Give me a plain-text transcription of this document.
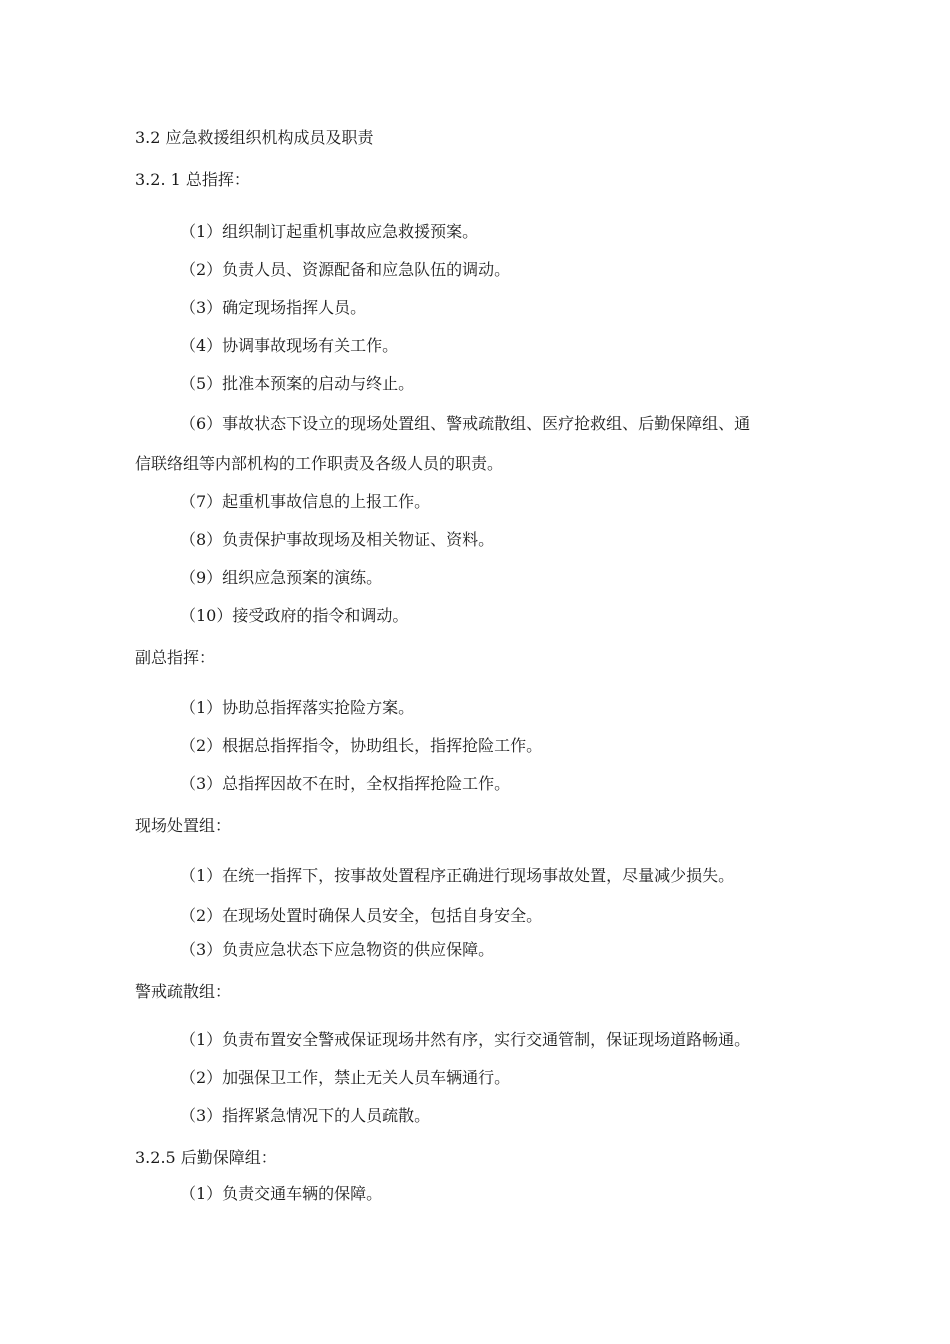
3.2 应急救援组织机构成员及职责
3.2. 1 总指挥：
（1）组织制订起重机事故应急救援预案。
（2）负责人员、资源配备和应急队伍的调动。
（3）确定现场指挥人员。
（4）协调事故现场有关工作。
（5）批准本预案的启动与终止。
（6）事故状态下设立的现场处置组、警戒疏散组、医疗抢救组、后勤保障组、通
信联络组等内部机构的工作职责及各级人员的职责。
（7）起重机事故信息的上报工作。
（8）负责保护事故现场及相关物证、资料。
（9）组织应急预案的演练。
（10）接受政府的指令和调动。
副总指挥：
（1）协助总指挥落实抢险方案。
（2）根据总指挥指令，协助组长，指挥抢险工作。
（3）总指挥因故不在时，全权指挥抢险工作。
现场处置组：
（1）在统一指挥下，按事故处置程序正确进行现场事故处置，尽量减少损失。
（2）在现场处置时确保人员安全，包括自身安全。
（3）负责应急状态下应急物资的供应保障。
警戒疏散组：
（1）负责布置安全警戒保证现场井然有序，实行交通管制，保证现场道路畅通。
（2）加强保卫工作，禁止无关人员车辆通行。
（3）指挥紧急情况下的人员疏散。
3.2.5 后勤保障组：
（1）负责交通车辆的保障。
